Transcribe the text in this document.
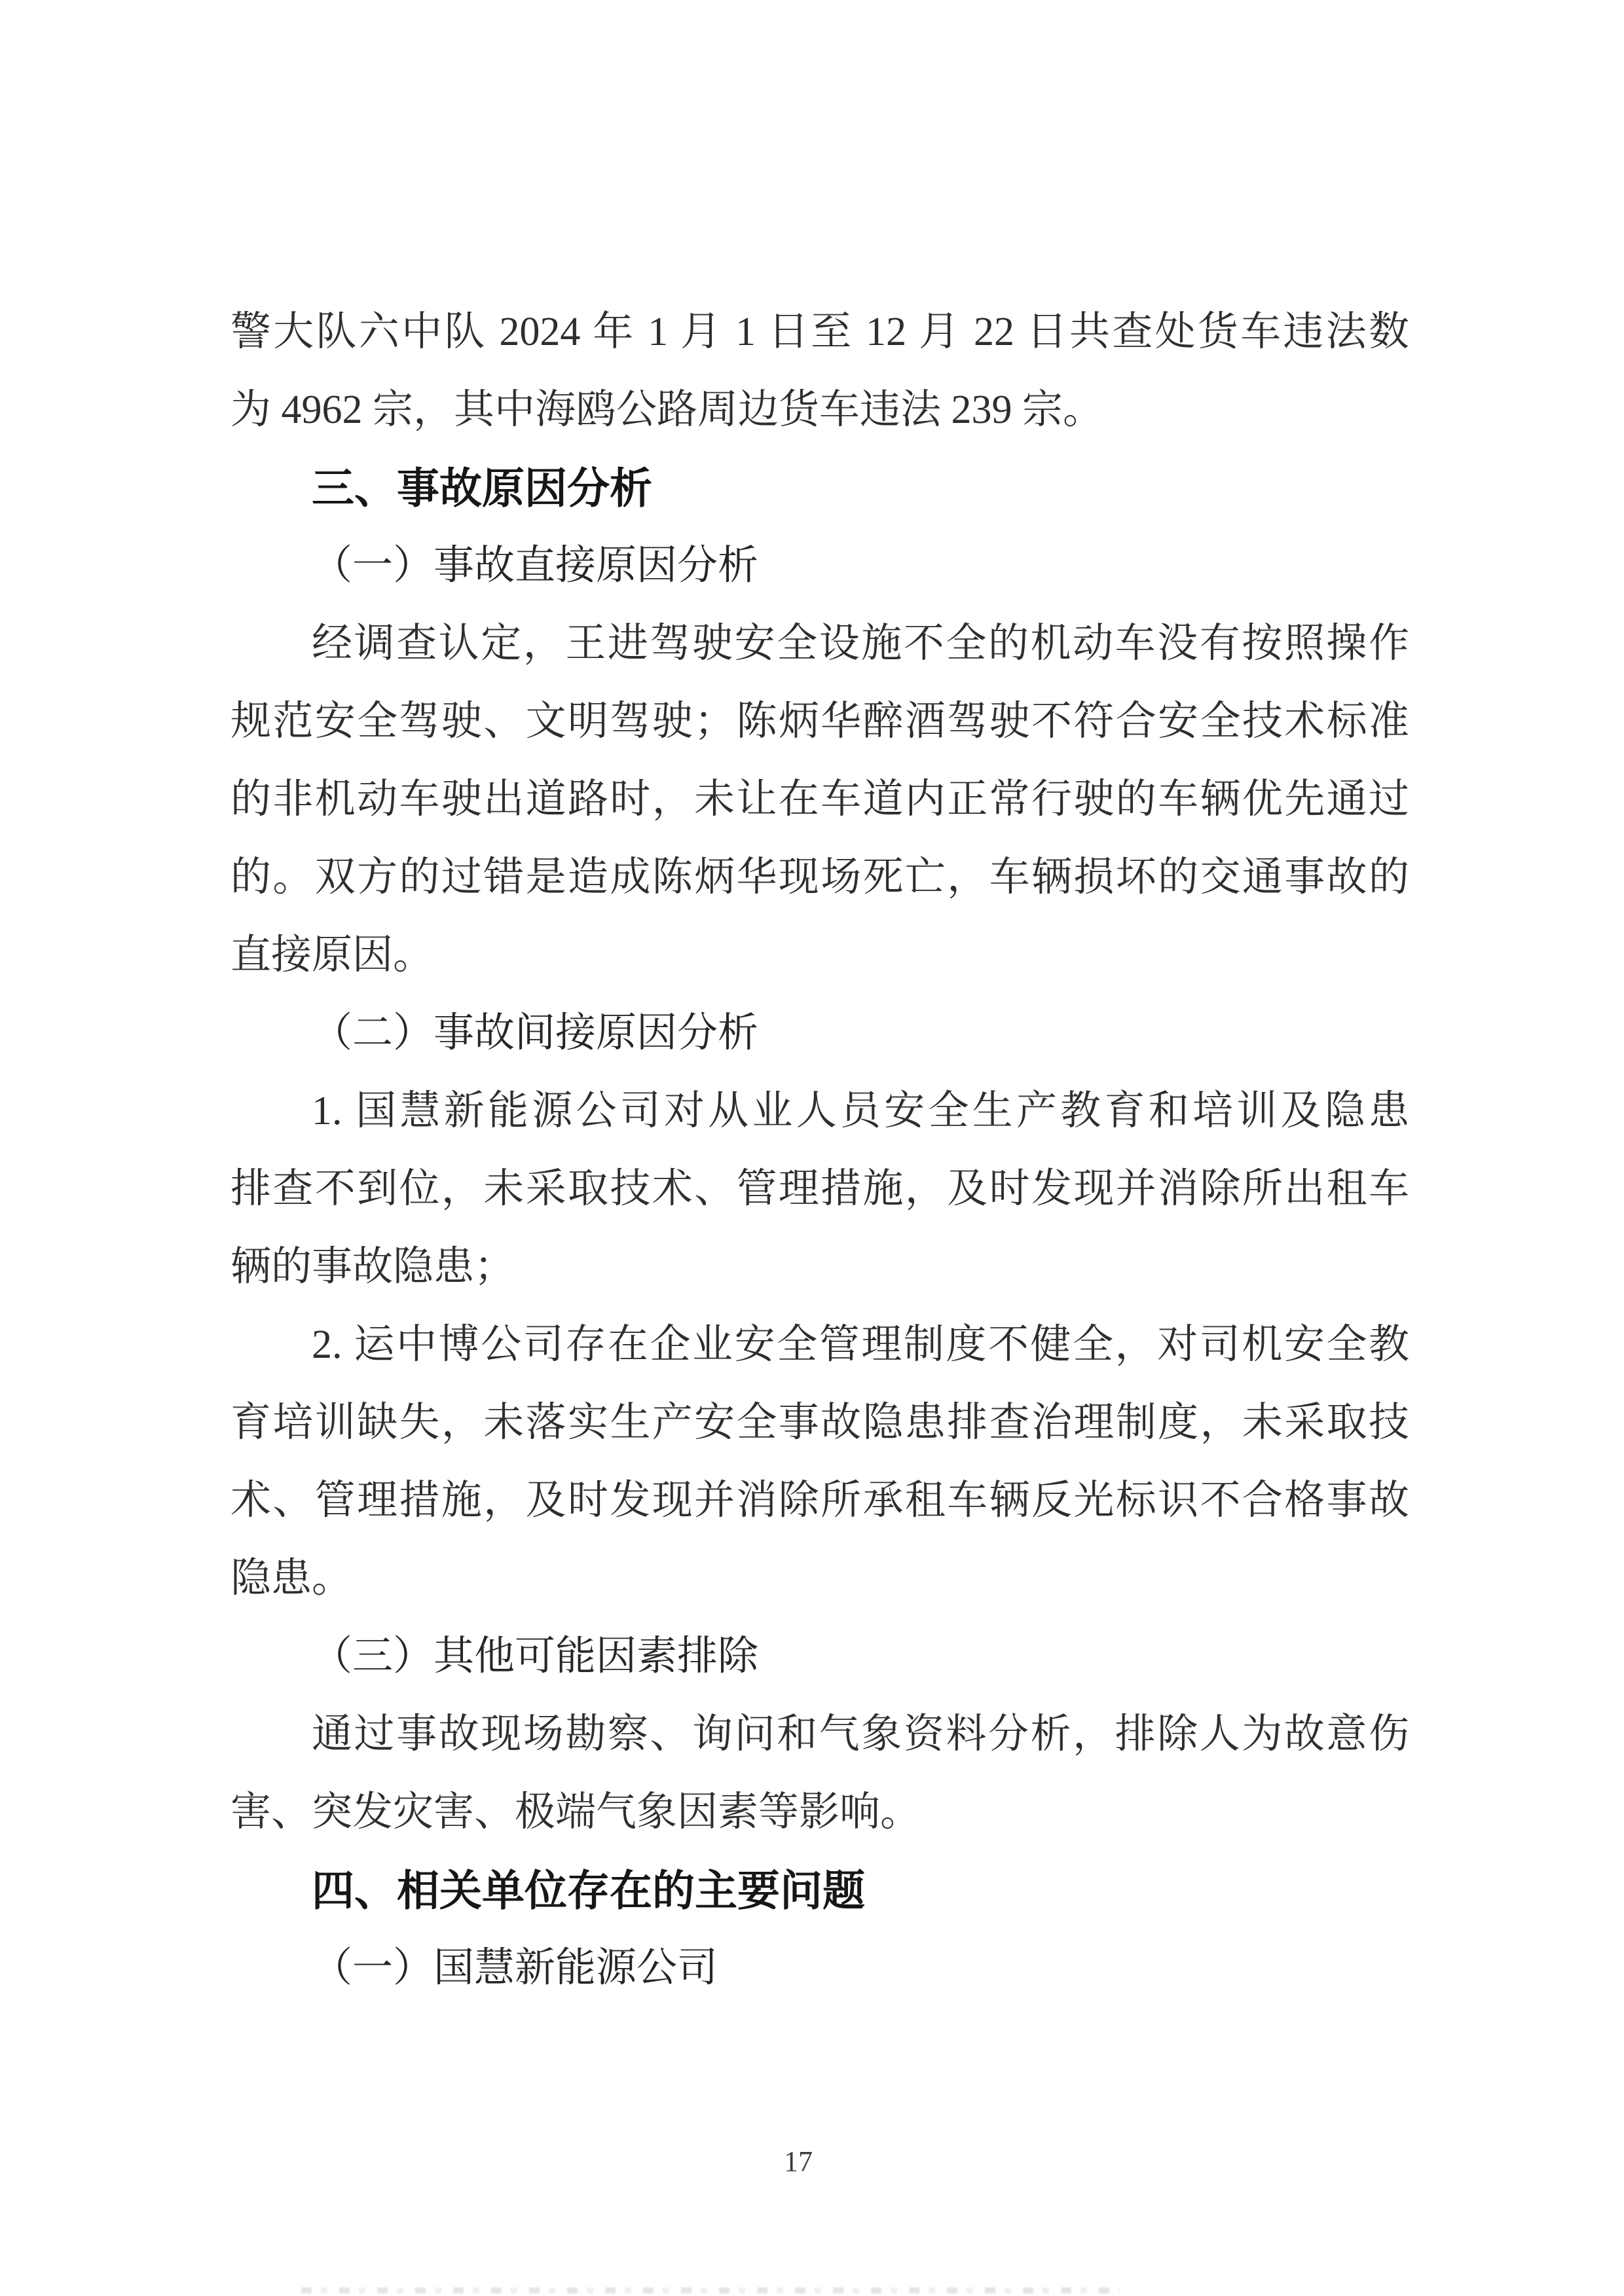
警大队六中队 2024 年 1 月 1 日至 12 月 22 日共查处货车违法数
为 4962 宗，其中海鸥公路周边货车违法 239 宗。
三、事故原因分析
（一）事故直接原因分析
经调查认定，王进驾驶安全设施不全的机动车没有按照操作
规范安全驾驶、文明驾驶；陈炳华醉酒驾驶不符合安全技术标准
的非机动车驶出道路时，未让在车道内正常行驶的车辆优先通过
的。双方的过错是造成陈炳华现场死亡，车辆损坏的交通事故的
直接原因。
（二）事故间接原因分析
1. 国慧新能源公司对从业人员安全生产教育和培训及隐患
排查不到位，未采取技术、管理措施，及时发现并消除所出租车
辆的事故隐患；
2. 运中博公司存在企业安全管理制度不健全，对司机安全教
育培训缺失，未落实生产安全事故隐患排查治理制度，未采取技
术、管理措施，及时发现并消除所承租车辆反光标识不合格事故
隐患。
（三）其他可能因素排除
通过事故现场勘察、询问和气象资料分析，排除人为故意伤
害、突发灾害、极端气象因素等影响。
四、相关单位存在的主要问题
（一）国慧新能源公司
17
